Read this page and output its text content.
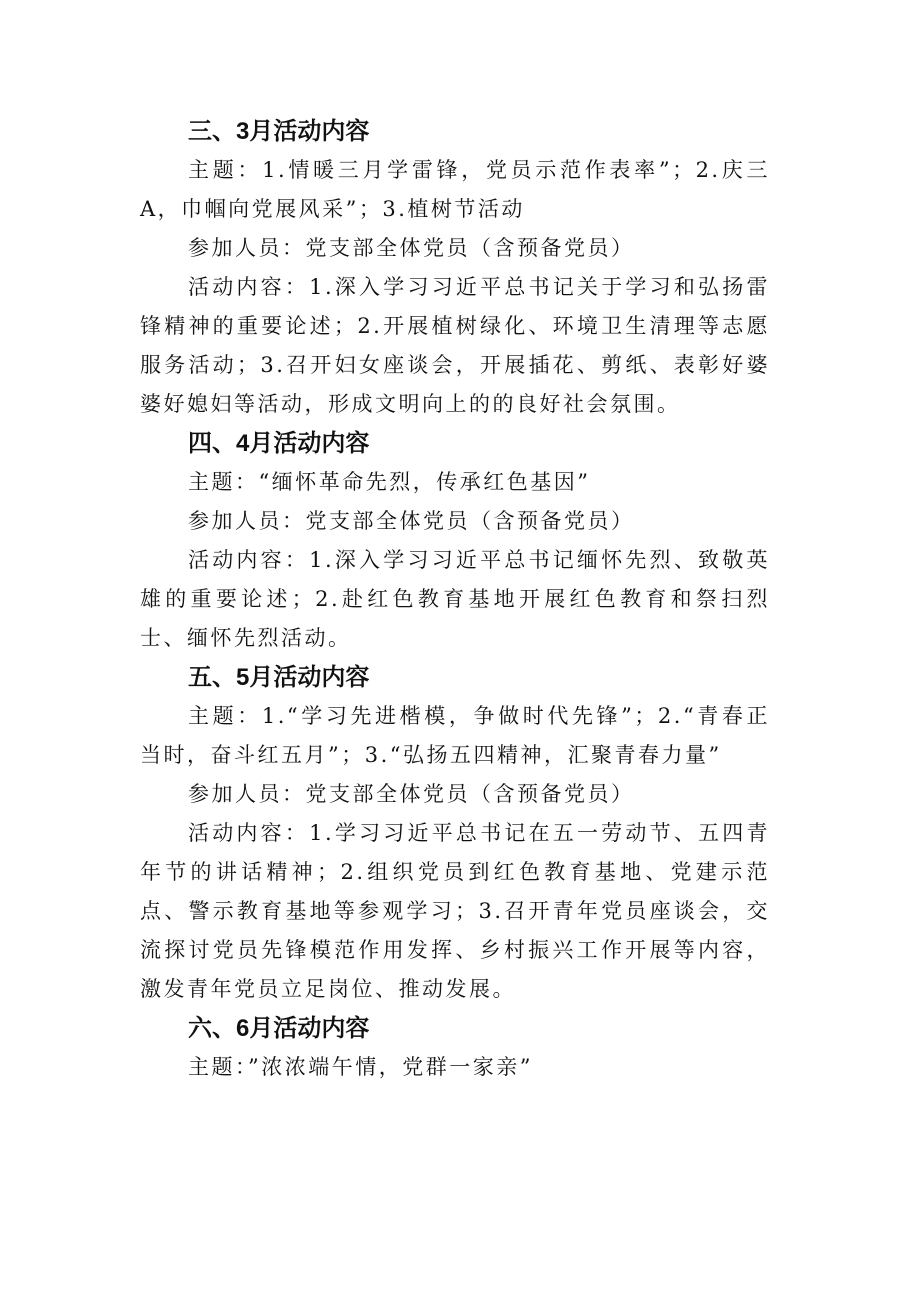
三、3月活动内容

主题：1.情暖三月学雷锋，党员示范作表率”；2.庆三A，巾帼向党展风采”；3.植树节活动

参加人员：党支部全体党员（含预备党员）

活动内容：1.深入学习习近平总书记关于学习和弘扬雷锋精神的重要论述；2.开展植树绿化、环境卫生清理等志愿服务活动；3.召开妇女座谈会，开展插花、剪纸、表彰好婆婆好媳妇等活动，形成文明向上的的良好社会氛围。

四、4月活动内容

主题：“缅怀革命先烈，传承红色基因”

参加人员：党支部全体党员（含预备党员）

活动内容：1.深入学习习近平总书记缅怀先烈、致敬英雄的重要论述；2.赴红色教育基地开展红色教育和祭扫烈士、缅怀先烈活动。

五、5月活动内容

主题：1.“学习先进楷模，争做时代先锋”；2.“青春正当时，奋斗红五月”；3.“弘扬五四精神，汇聚青春力量”

参加人员：党支部全体党员（含预备党员）

活动内容：1.学习习近平总书记在五一劳动节、五四青年节的讲话精神；2.组织党员到红色教育基地、党建示范点、警示教育基地等参观学习；3.召开青年党员座谈会，交流探讨党员先锋模范作用发挥、乡村振兴工作开展等内容，激发青年党员立足岗位、推动发展。

六、6月活动内容

主题：”浓浓端午情，党群一家亲”
